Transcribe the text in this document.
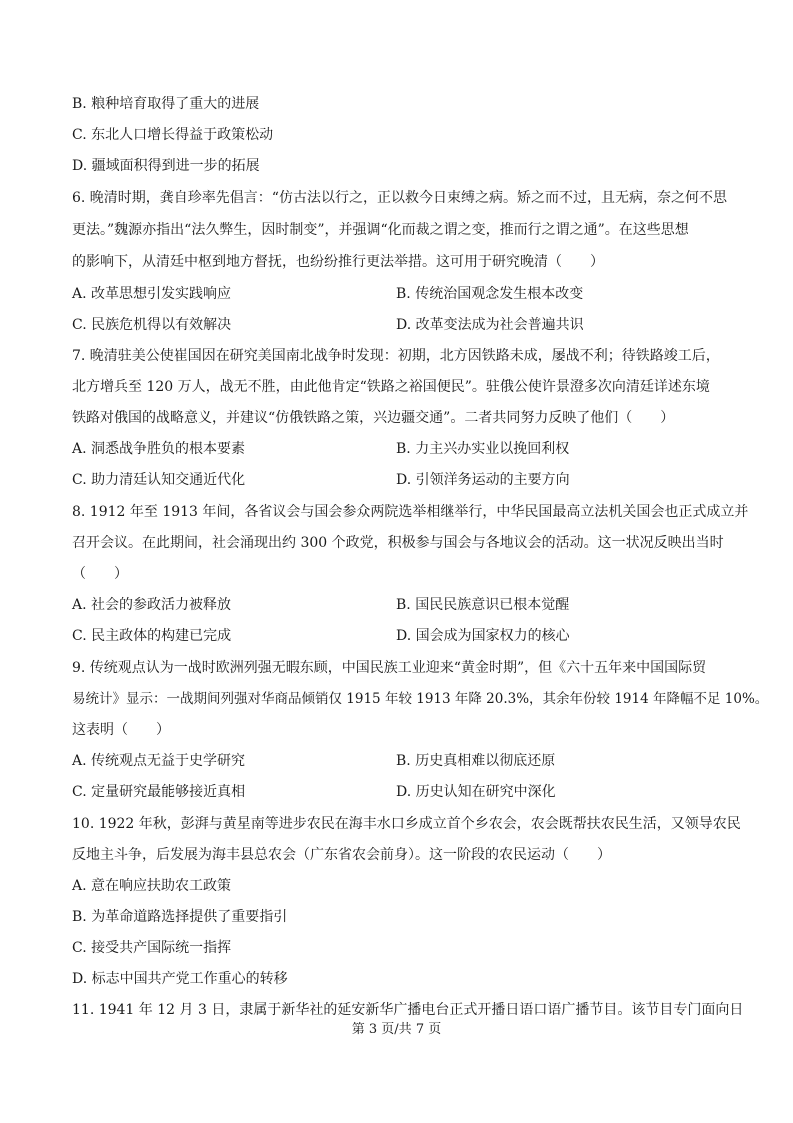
B. 粮种培育取得了重大的进展
C. 东北人口增长得益于政策松动
D. 疆域面积得到进一步的拓展
6. 晚清时期，龚自珍率先倡言：“仿古法以行之，正以救今日束缚之病。矫之而不过，且无病，奈之何不思
更法。”魏源亦指出“法久弊生，因时制变”，并强调“化而裁之谓之变，推而行之谓之通”。在这些思想
的影响下，从清廷中枢到地方督抚，也纷纷推行更法举措。这可用于研究晚清（　　）
A. 改革思想引发实践响应	B. 传统治国观念发生根本改变
C. 民族危机得以有效解决	D. 改革变法成为社会普遍共识
7. 晚清驻美公使崔国因在研究美国南北战争时发现：初期，北方因铁路未成，屡战不利；待铁路竣工后，
北方增兵至 120 万人，战无不胜，由此他肯定“铁路之裕国便民”。驻俄公使许景澄多次向清廷详述东境
铁路对俄国的战略意义，并建议“仿俄铁路之策，兴边疆交通”。二者共同努力反映了他们（　　）
A. 洞悉战争胜负的根本要素	B. 力主兴办实业以挽回利权
C. 助力清廷认知交通近代化	D. 引领洋务运动的主要方向
8. 1912 年至 1913 年间，各省议会与国会参众两院选举相继举行，中华民国最高立法机关国会也正式成立并
召开会议。在此期间，社会涌现出约 300 个政党，积极参与国会与各地议会的活动。这一状况反映出当时
（　　）
A. 社会的参政活力被释放	B. 国民民族意识已根本觉醒
C. 民主政体的构建已完成	D. 国会成为国家权力的核心
9. 传统观点认为一战时欧洲列强无暇东顾，中国民族工业迎来“黄金时期”，但《六十五年来中国国际贸
易统计》显示：一战期间列强对华商品倾销仅 1915 年较 1913 年降 20.3%，其余年份较 1914 年降幅不足 10%。
这表明（　　）
A. 传统观点无益于史学研究	B. 历史真相难以彻底还原
C. 定量研究最能够接近真相	D. 历史认知在研究中深化
10. 1922 年秋，彭湃与黄星南等进步农民在海丰水口乡成立首个乡农会，农会既帮扶农民生活，又领导农民
反地主斗争，后发展为海丰县总农会（广东省农会前身）。这一阶段的农民运动（　　）
A. 意在响应扶助农工政策
B. 为革命道路选择提供了重要指引
C. 接受共产国际统一指挥
D. 标志中国共产党工作重心的转移
11. 1941 年 12 月 3 日，隶属于新华社的延安新华广播电台正式开播日语口语广播节目。该节目专门面向日
第 3 页/共 7 页
